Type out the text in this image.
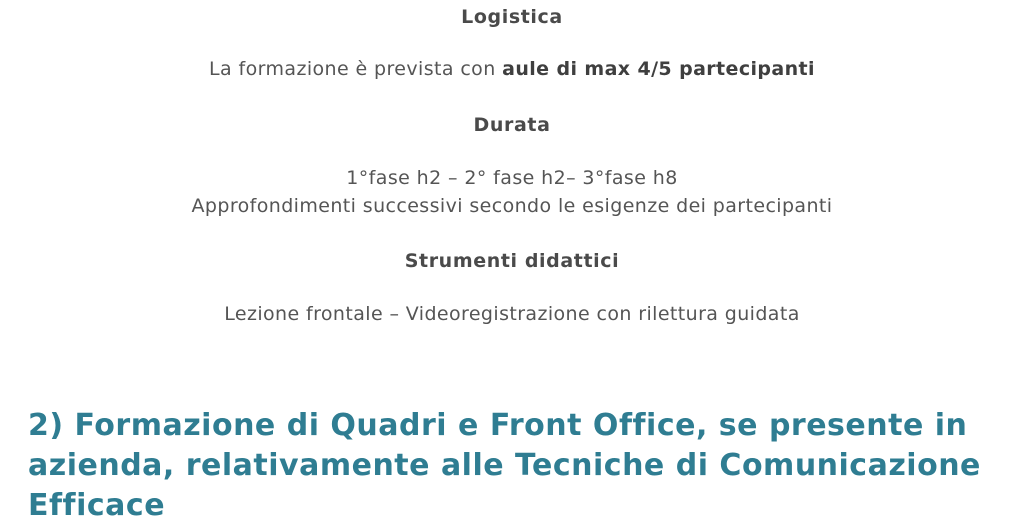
Logistica
La formazione è prevista con aule di max 4/5 partecipanti
Durata
1°fase h2 – 2° fase h2– 3°fase h8
Approfondimenti successivi secondo le esigenze dei partecipanti
Strumenti didattici
Lezione frontale – Videoregistrazione con rilettura guidata
2) Formazione di Quadri e Front Office, se presente in azienda, relativamente alle Tecniche di Comunicazione Efficace
